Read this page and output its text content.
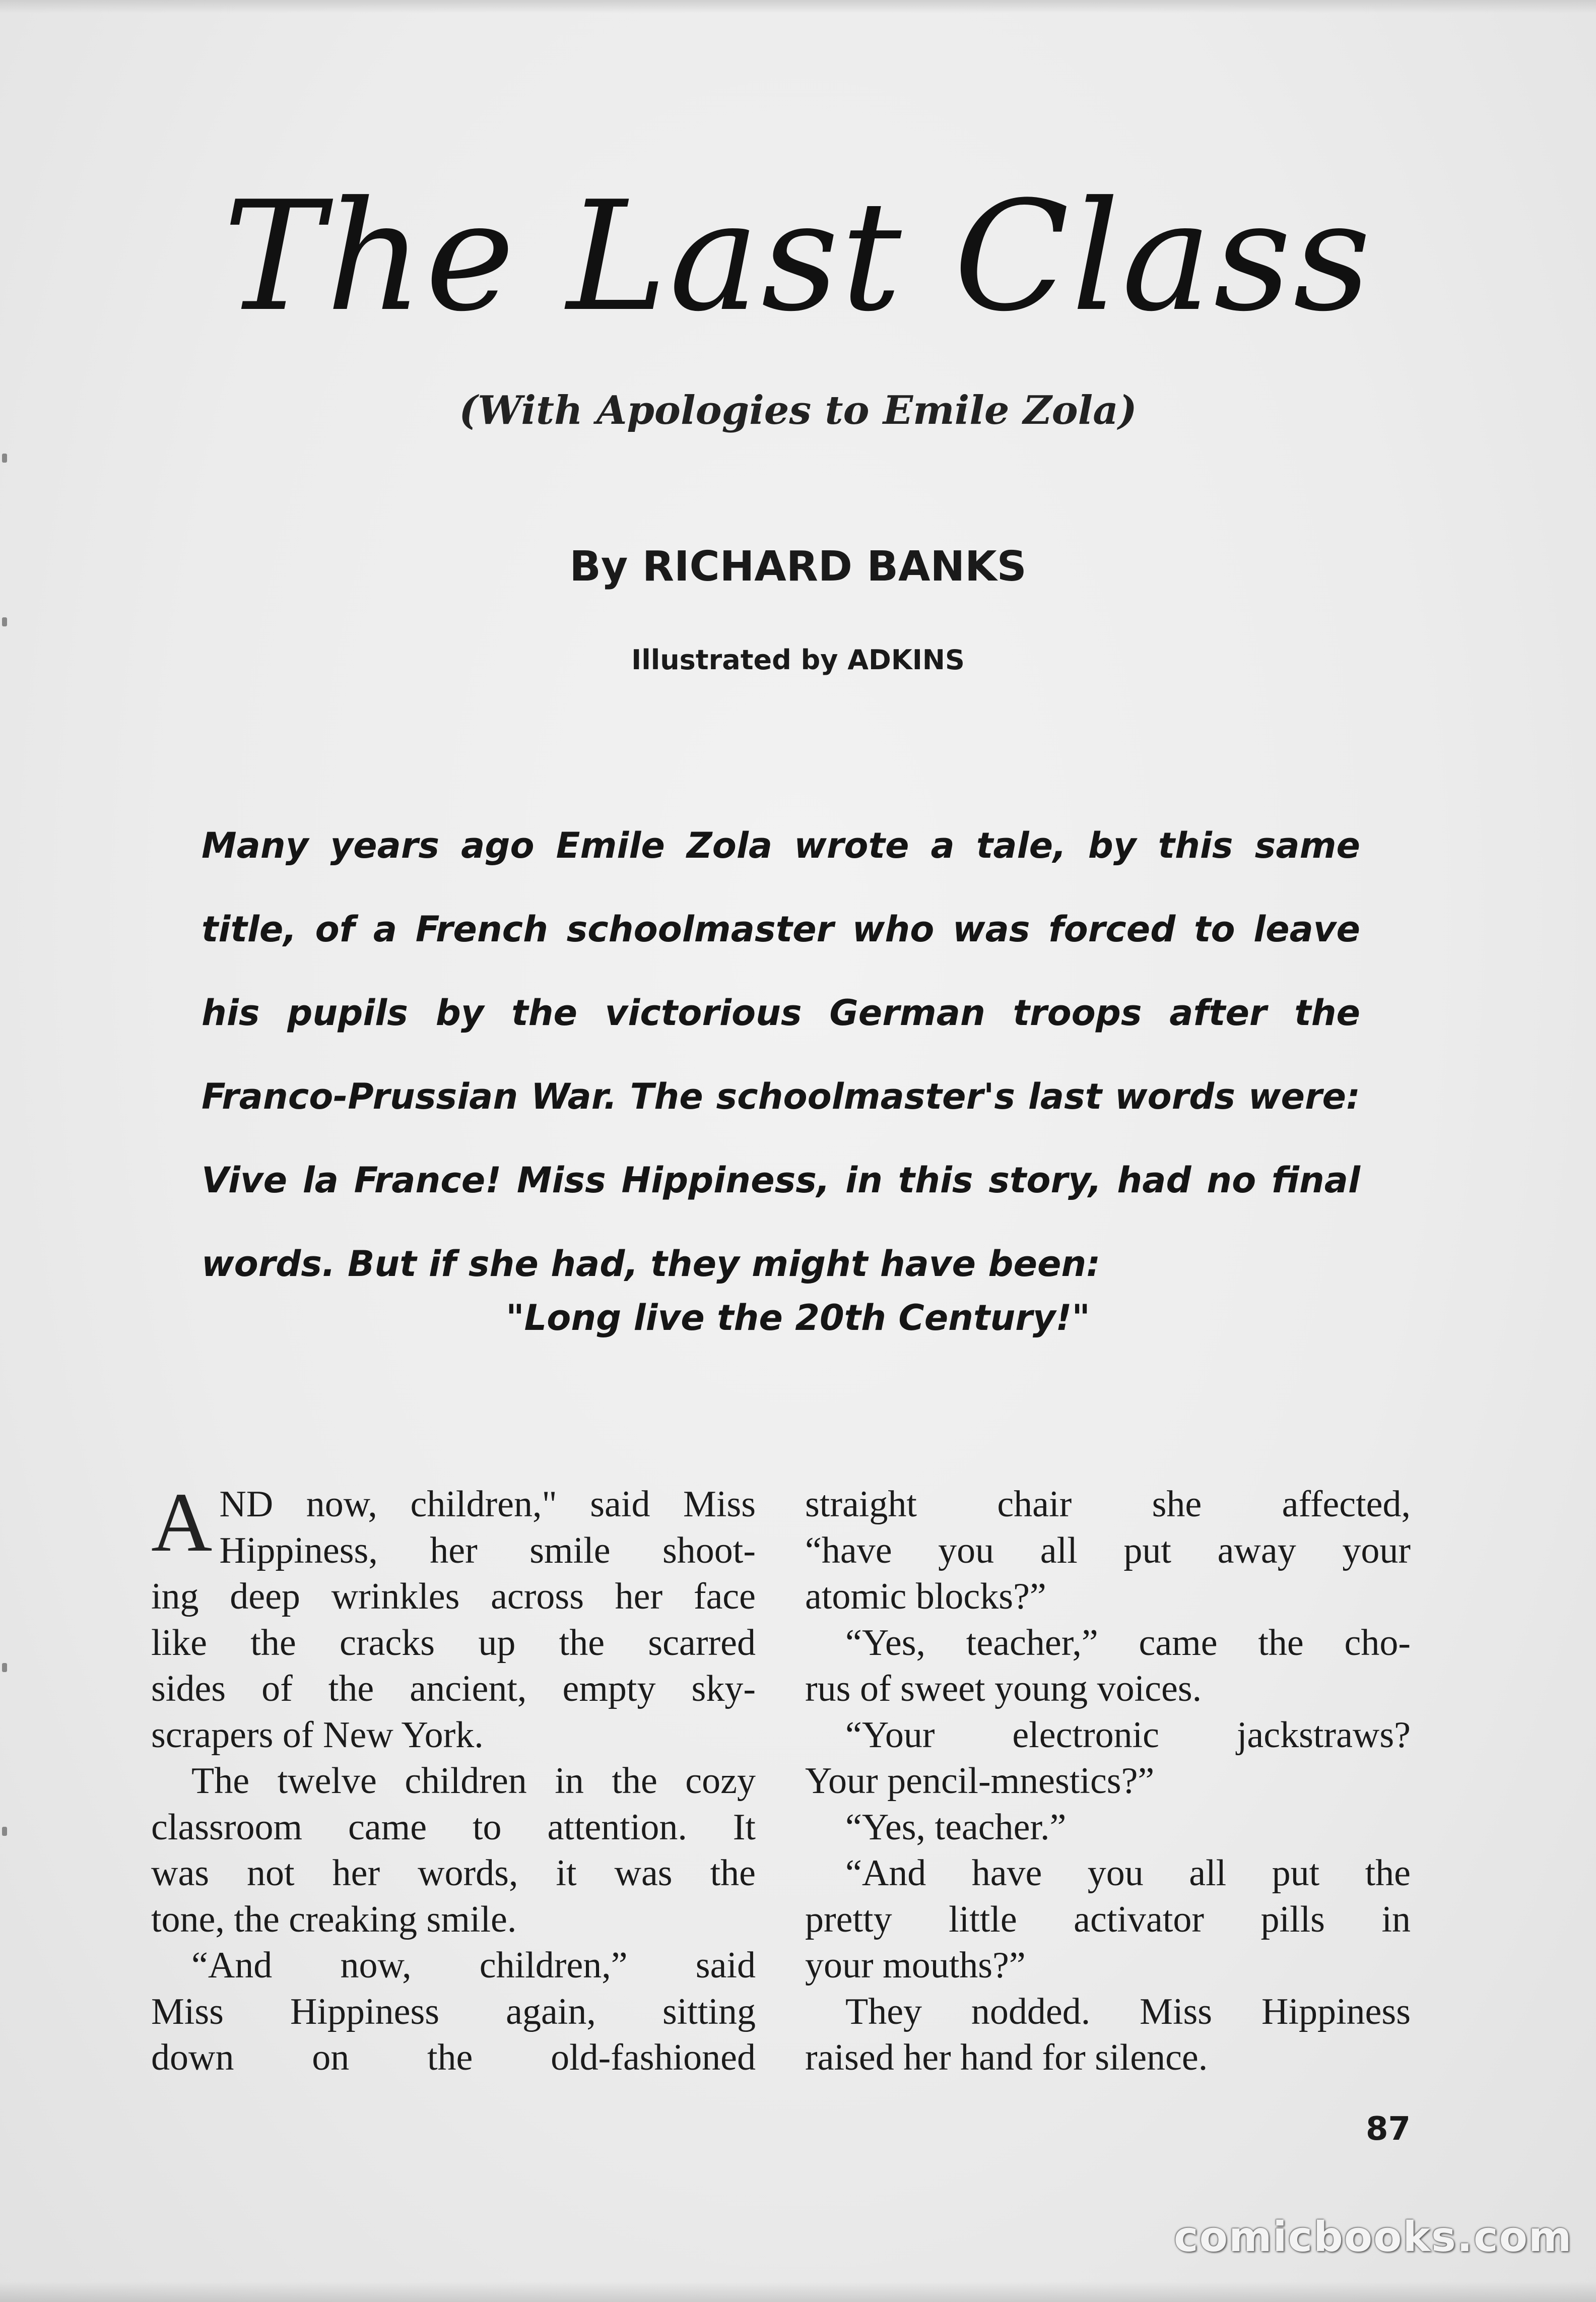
The Last Class
(With Apologies to Emile Zola)
By RICHARD BANKS
Illustrated by ADKINS
Many years ago Emile Zola wrote a tale, by this same
title, of a French schoolmaster who was forced to leave
his pupils by the victorious German troops after the
Franco-Prussian War. The schoolmaster's last words were:
Vive la France! Miss Hippiness, in this story, had no final
words. But if she had, they might have been:
"Long live the 20th Century!"
A ND now, children," said Miss
Hippiness, her smile shoot-
ing deep wrinkles across her face
like the cracks up the scarred
sides of the ancient, empty sky-
scrapers of New York.
The twelve children in the cozy
classroom came to attention. It
was not her words, it was the
tone, the creaking smile.
“And now, children,” said
Miss Hippiness again, sitting
down on the old-fashioned
straight chair she affected,
“have you all put away your
atomic blocks?”
“Yes, teacher,” came the cho-
rus of sweet young voices.
“Your electronic jackstraws?
Your pencil-mnestics?”
“Yes, teacher.”
“And have you all put the
pretty little activator pills in
your mouths?”
They nodded. Miss Hippiness
raised her hand for silence.
87
comicbooks.com
